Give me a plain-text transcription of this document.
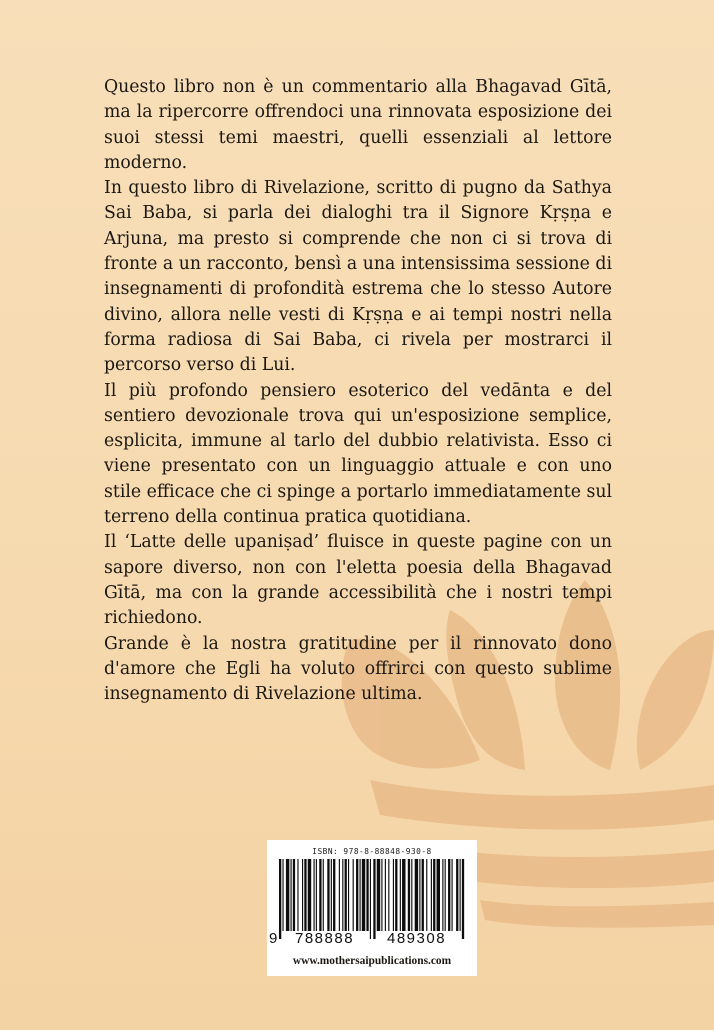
Questo libro non è un commentario alla Bhagavad Gītā, ma la ripercorre offrendoci una rinnovata esposizione dei suoi stessi temi maestri, quelli essenziali al lettore moderno.

In questo libro di Rivelazione, scritto di pugno da Sathya Sai Baba, si parla dei dialoghi tra il Signore Kṛṣṇa e Arjuna, ma presto si comprende che non ci si trova di fronte a un racconto, bensì a una intensissima sessione di insegnamenti di profondità estrema che lo stesso Autore divino, allora nelle vesti di Kṛṣṇa e ai tempi nostri nella forma radiosa di Sai Baba, ci rivela per mostrarci il percorso verso di Lui.

Il più profondo pensiero esoterico del vedānta e del sentiero devozionale trova qui un'esposizione semplice, esplicita, immune al tarlo del dubbio relativista. Esso ci viene presentato con un linguaggio attuale e con uno stile efficace che ci spinge a portarlo immediatamente sul terreno della continua pratica quotidiana.

Il ‘Latte delle upaniṣad’ fluisce in queste pagine con un sapore diverso, non con l'eletta poesia della Bhagavad Gītā, ma con la grande accessibilità che i nostri tempi richiedono.

Grande è la nostra gratitudine per il rinnovato dono d'amore che Egli ha voluto offrirci con questo sublime insegnamento di Rivelazione ultima.

ISBN: 978-8-88848-930-8
9 788888 489308
www.mothersaipublications.com
